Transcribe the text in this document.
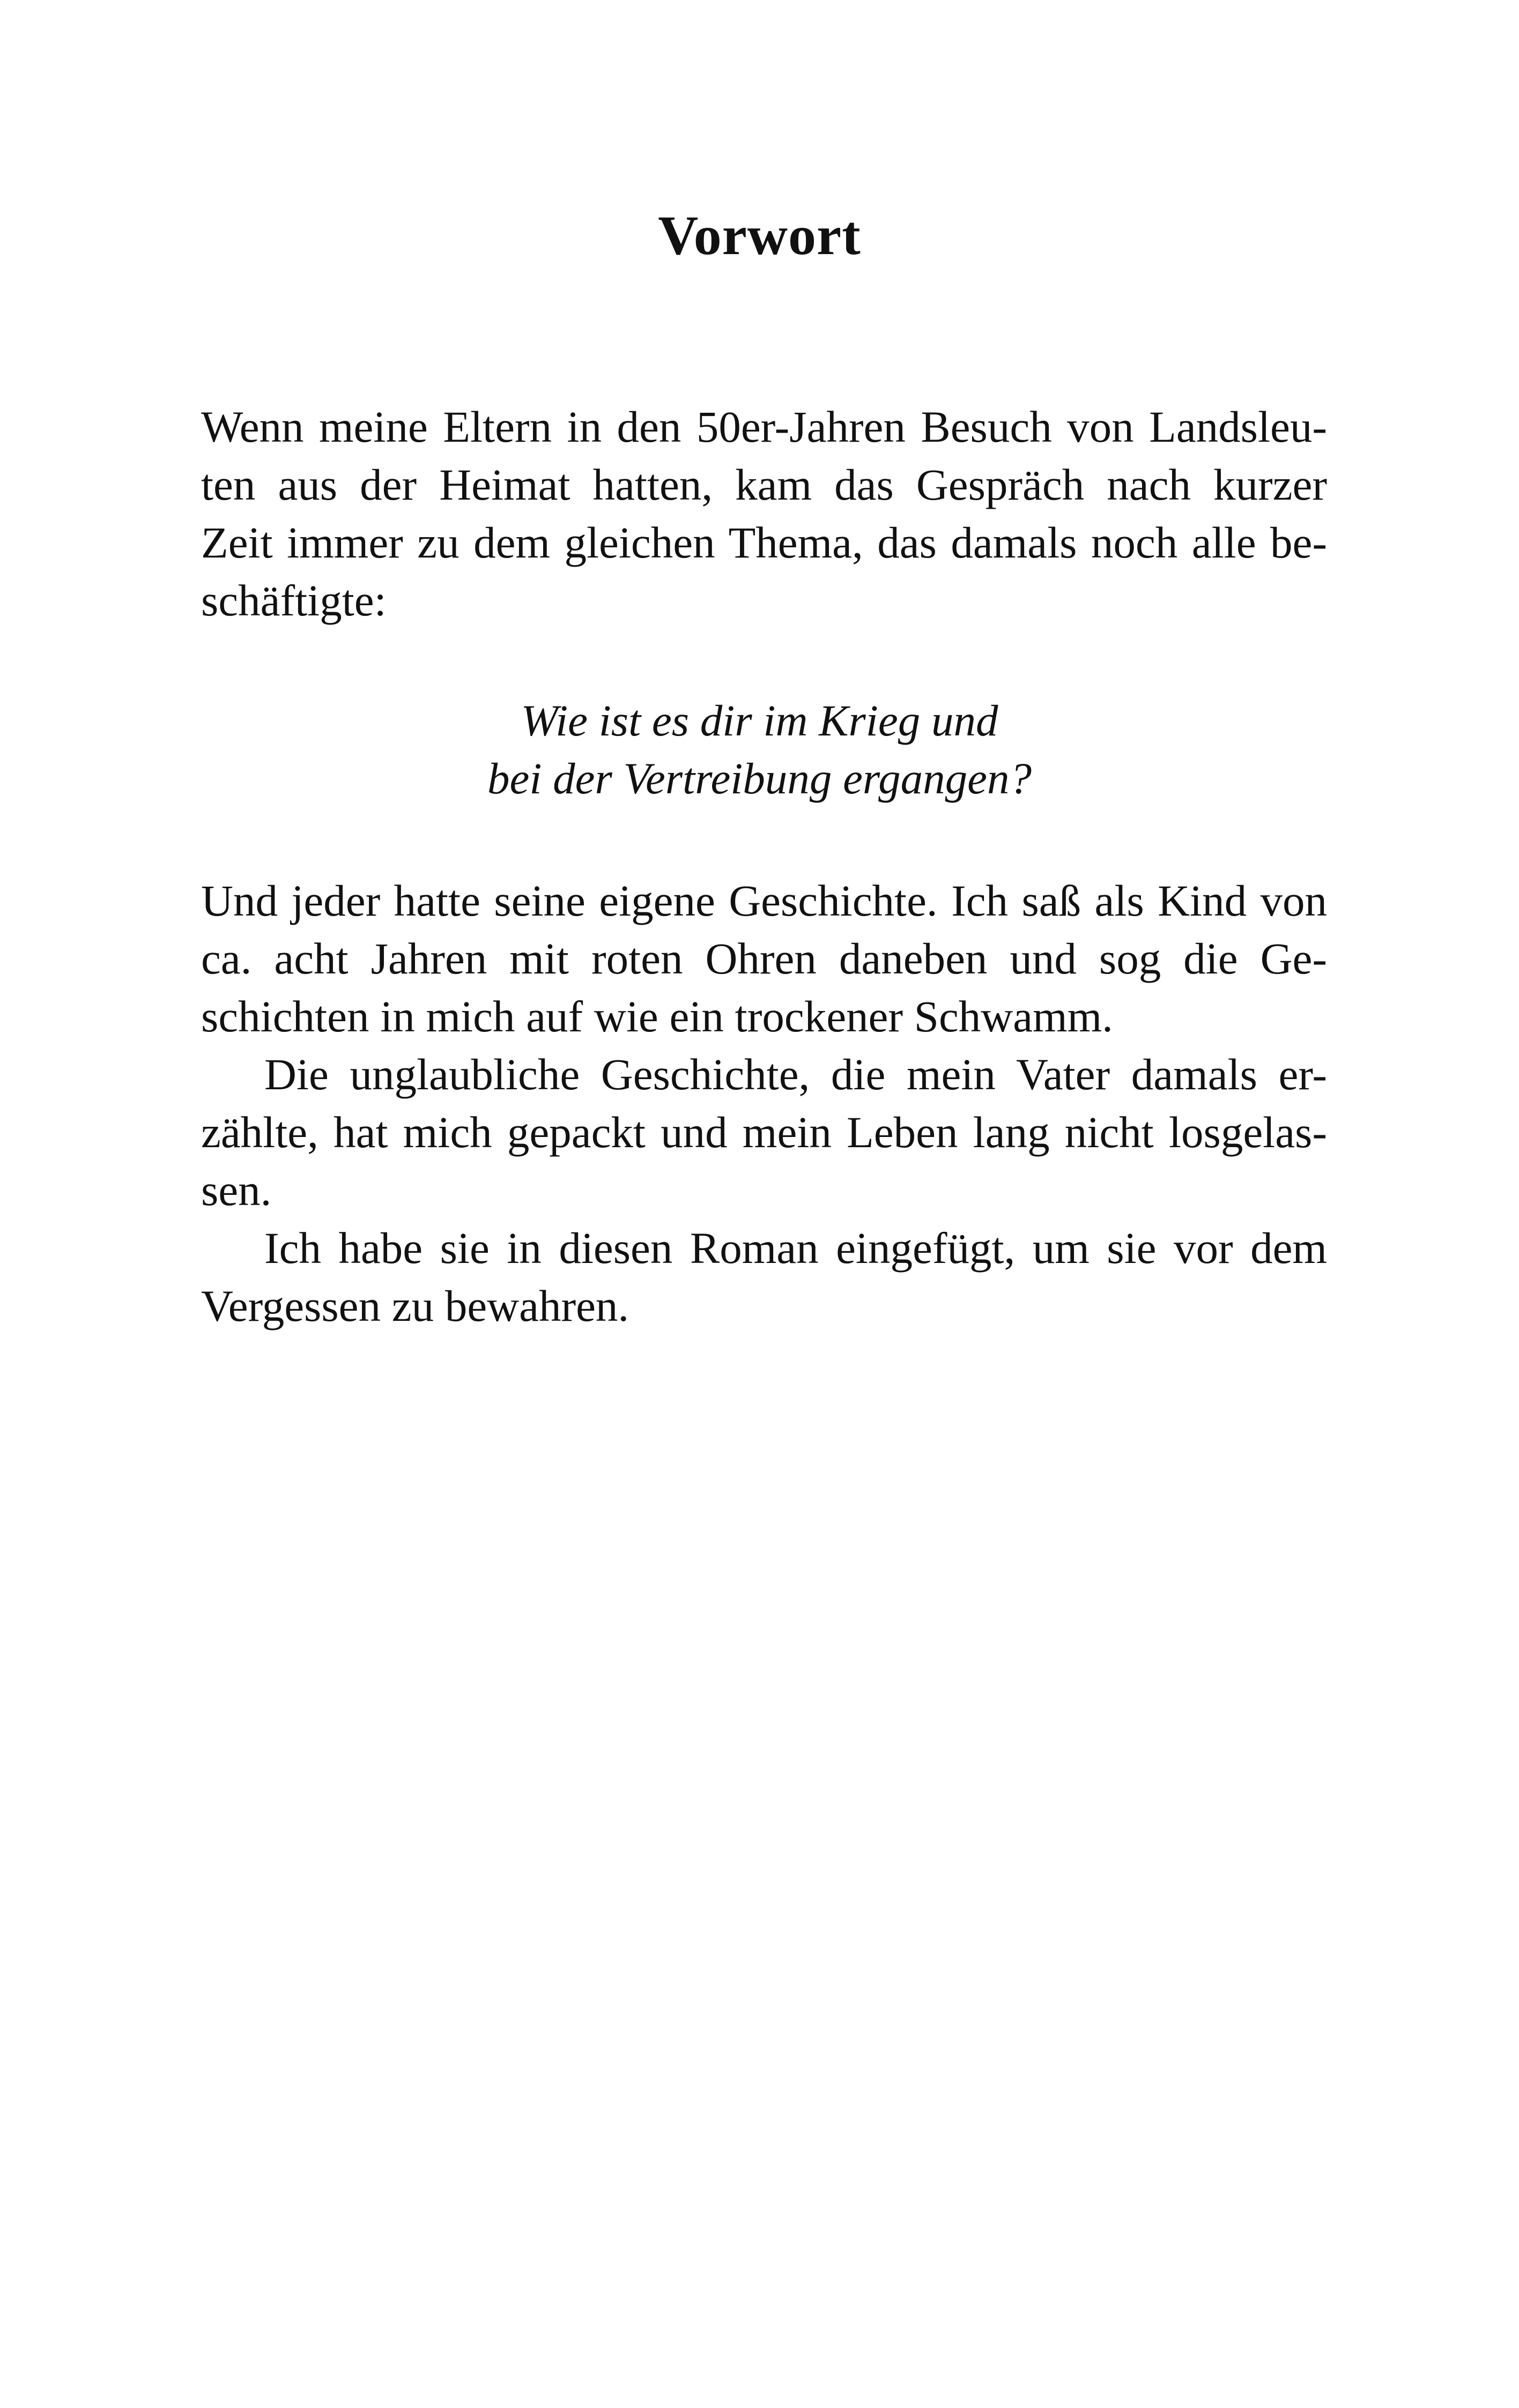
Vorwort
Wenn meine Eltern in den 50er-Jahren Besuch von Landsleu-
ten aus der Heimat hatten, kam das Gespräch nach kurzer
Zeit immer zu dem gleichen Thema, das damals noch alle be-
schäftigte:
Wie ist es dir im Krieg und
bei der Vertreibung ergangen?
Und jeder hatte seine eigene Geschichte. Ich saß als Kind von
ca. acht Jahren mit roten Ohren daneben und sog die Ge-
schichten in mich auf wie ein trockener Schwamm.
Die unglaubliche Geschichte, die mein Vater damals er-
zählte, hat mich gepackt und mein Leben lang nicht losgelas-
sen.
Ich habe sie in diesen Roman eingefügt, um sie vor dem
Vergessen zu bewahren.
